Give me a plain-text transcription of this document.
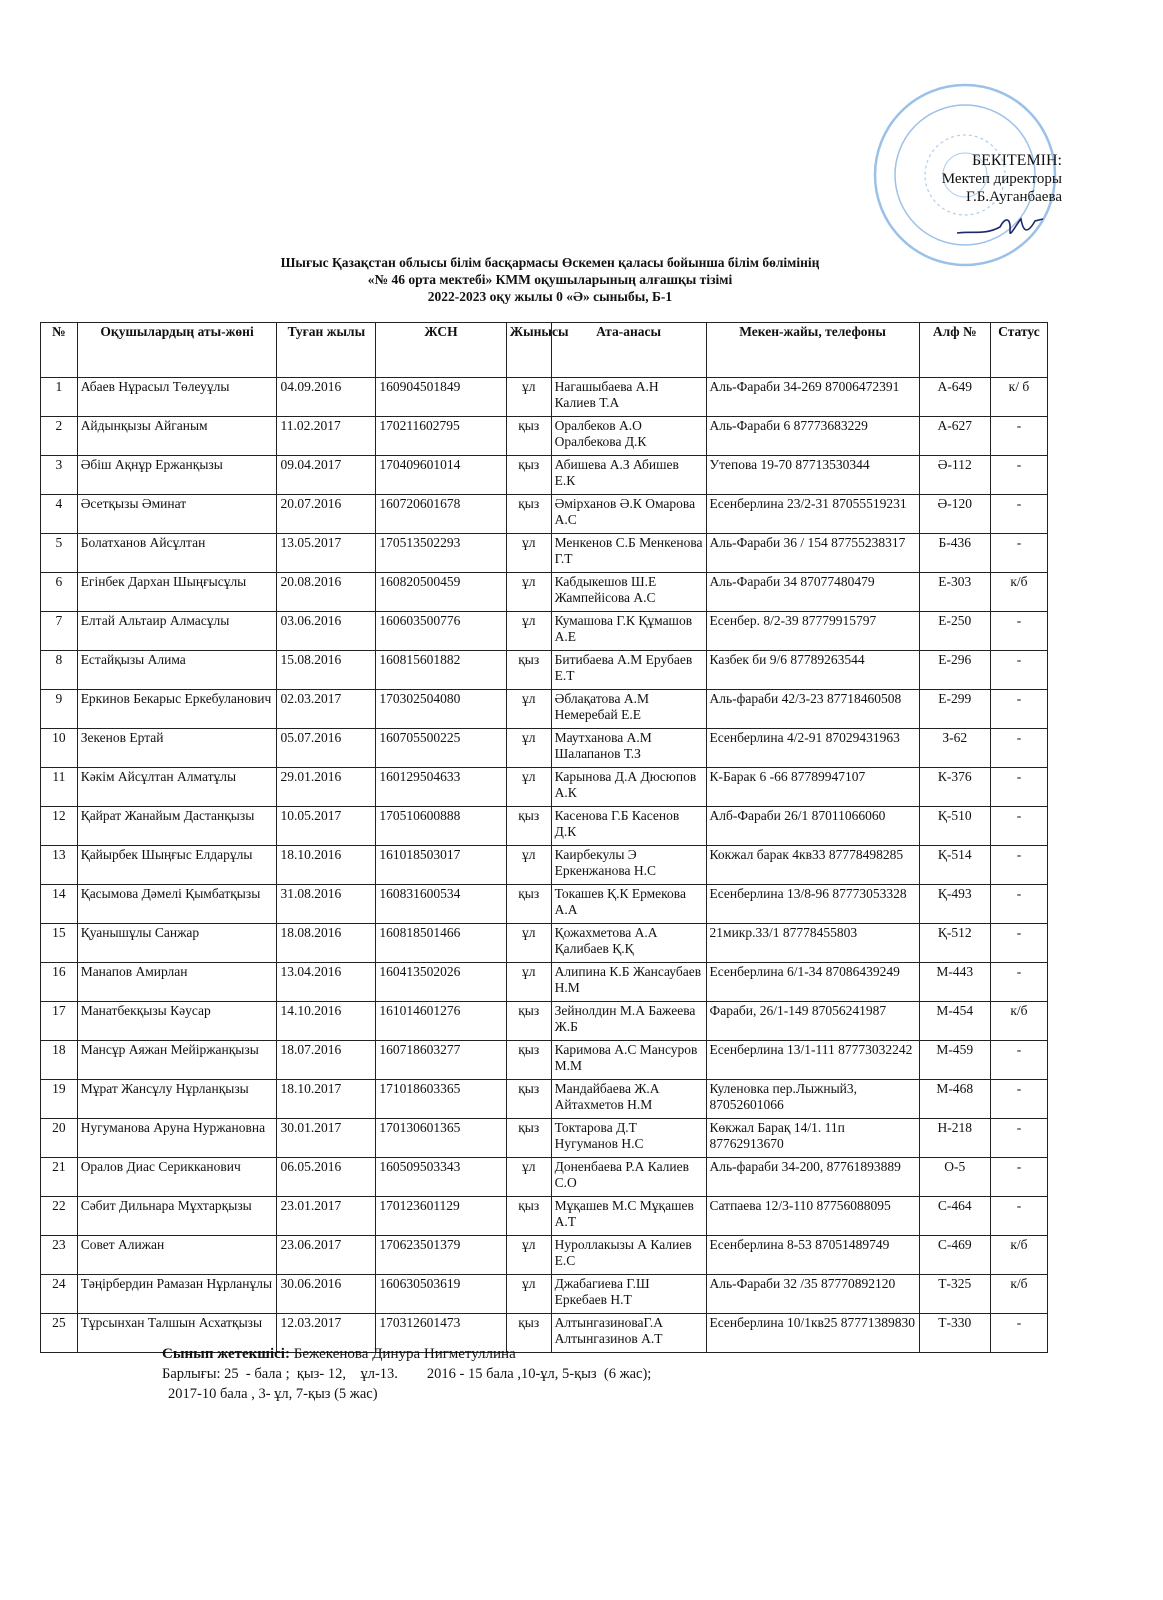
БЕКІТЕМІН:
Мектеп директоры
Г.Б.Ауганбаева
Шығыс Қазақстан облысы білім басқармасы Өскемен қаласы бойынша білім бөлімінің
«№ 46 орта мектебі» КММ оқушыларының алғашқы тізімі
2022-2023 оқу жылы 0 «Ә» сыныбы, Б-1
№	Оқушылардың аты-жөні	Туған жылы	ЖСН	Жынысы	Ата-анасы	Мекен-жайы, телефоны	Алф №	Статус
1	Абаев Нұрасыл Төлеуұлы	04.09.2016	160904501849	ұл	Нагашыбаева А.Н Калиев Т.А	Аль-Фараби 34-269 87006472391	А-649	к/ б
2	Айдынқызы Айганым	11.02.2017	170211602795	қыз	Оралбеков А.О Оралбекова Д.К	Аль-Фараби 6 87773683229	А-627	-
3	Әбіш Ақнұр Ержанқызы	09.04.2017	170409601014	қыз	Абишева А.З Абишев Е.К	Утепова 19-70 87713530344	Ә-112	-
4	Әсетқызы Әминат	20.07.2016	160720601678	қыз	Әмірханов Ә.К Омарова А.С	Есенберлина 23/2-31 87055519231	Ә-120	-
5	Болатханов Айсұлтан	13.05.2017	170513502293	ұл	Менкенов С.Б Менкенова Г.Т	Аль-Фараби 36 / 154 87755238317	Б-436	-
6	Егінбек Дархан Шыңғысұлы	20.08.2016	160820500459	ұл	Кабдыкешов Ш.Е Жампейісова А.С	Аль-Фараби 34 87077480479	Е-303	к/б
7	Елтай Альтаир Алмасұлы	03.06.2016	160603500776	ұл	Кумашова Г.К Құмашов А.Е	Есенбер. 8/2-39 87779915797	Е-250	-
8	Естайқызы Алима	15.08.2016	160815601882	қыз	Битибаева А.М Ерубаев Е.Т	Казбек би 9/6 87789263544	Е-296	-
9	Еркинов Бекарыс Еркебуланович	02.03.2017	170302504080	ұл	Әблақатова А.М Немеребай Е.Е	Аль-фараби 42/3-23 87718460508	Е-299	-
10	Зекенов Ертай	05.07.2016	160705500225	ұл	Маутханова А.М Шалапанов Т.З	Есенберлина 4/2-91 87029431963	З-62	-
11	Кәкім Айсұлтан Алматұлы	29.01.2016	160129504633	ұл	Карынова Д.А Дюсюпов А.К	К-Барак 6 -66 87789947107	К-376	-
12	Қайрат Жанайым Дастанқызы	10.05.2017	170510600888	қыз	Касенова Г.Б Касенов Д.К	Алб-Фараби 26/1 87011066060	Қ-510	-
13	Қайырбек Шыңғыс Елдарұлы	18.10.2016	161018503017	ұл	Каирбекулы Э Еркенжанова Н.С	Кокжал барак 4кв33 87778498285	Қ-514	-
14	Қасымова Дәмелі Қымбатқызы	31.08.2016	160831600534	қыз	Токашев Қ.К Ермекова А.А	Есенберлина 13/8-96 87773053328	Қ-493	-
15	Қуанышұлы Санжар	18.08.2016	160818501466	ұл	Қожахметова А.А Қалибаев Қ.Қ	21микр.33/1 87778455803	Қ-512	-
16	Манапов Амирлан	13.04.2016	160413502026	ұл	Алипина К.Б Жансаубаев Н.М	Есенберлина 6/1-34 87086439249	М-443	-
17	Манатбекқызы Кәусар	14.10.2016	161014601276	қыз	Зейнолдин М.А Бажеева Ж.Б	Фараби, 26/1-149 87056241987	М-454	к/б
18	Мансұр Аяжан Мейіржанқызы	18.07.2016	160718603277	қыз	Каримова А.С Мансуров М.М	Есенберлина 13/1-111 87773032242	М-459	-
19	Мұрат Жансұлу Нұрланқызы	18.10.2017	171018603365	қыз	Мандайбаева Ж.А Айтахметов Н.М	Куленовка пер.Лыжный3, 87052601066	М-468	-
20	Нугуманова Аруна Нуржановна	30.01.2017	170130601365	қыз	Токтарова Д.Т Нугуманов Н.С	Көкжал Барақ 14/1. 11п 87762913670	Н-218	-
21	Оралов Диас Серикканович	06.05.2016	160509503343	ұл	Доненбаева Р.А Калиев С.О	Аль-фараби 34-200, 87761893889	О-5	-
22	Сәбит Дильнара Мұхтарқызы	23.01.2017	170123601129	қыз	Мұқашев М.С Мұқашев А.Т	Сатпаева 12/3-110 87756088095	С-464	-
23	Совет Алижан	23.06.2017	170623501379	ұл	Нуроллакызы А Калиев Е.С	Есенберлина 8-53 87051489749	С-469	к/б
24	Тәңірбердин Рамазан Нұрланұлы	30.06.2016	160630503619	ұл	Джабагиева Г.Ш Еркебаев Н.Т	Аль-Фараби 32 /35 87770892120	Т-325	к/б
25	Тұрсынхан Талшын Асхатқызы	12.03.2017	170312601473	қыз	АлтынгазиноваГ.А Алтынгазинов А.Т	Есенберлина 10/1кв25 87771389830	Т-330	-
Сынып жетекшісі: Бежекенова Динура Нигметуллина
Барлығы: 25  - бала ;  қыз- 12,    ұл-13.        2016 - 15 бала ,10-ұл, 5-қыз  (6 жас);
2017-10 бала , 3- ұл, 7-қыз (5 жас)
